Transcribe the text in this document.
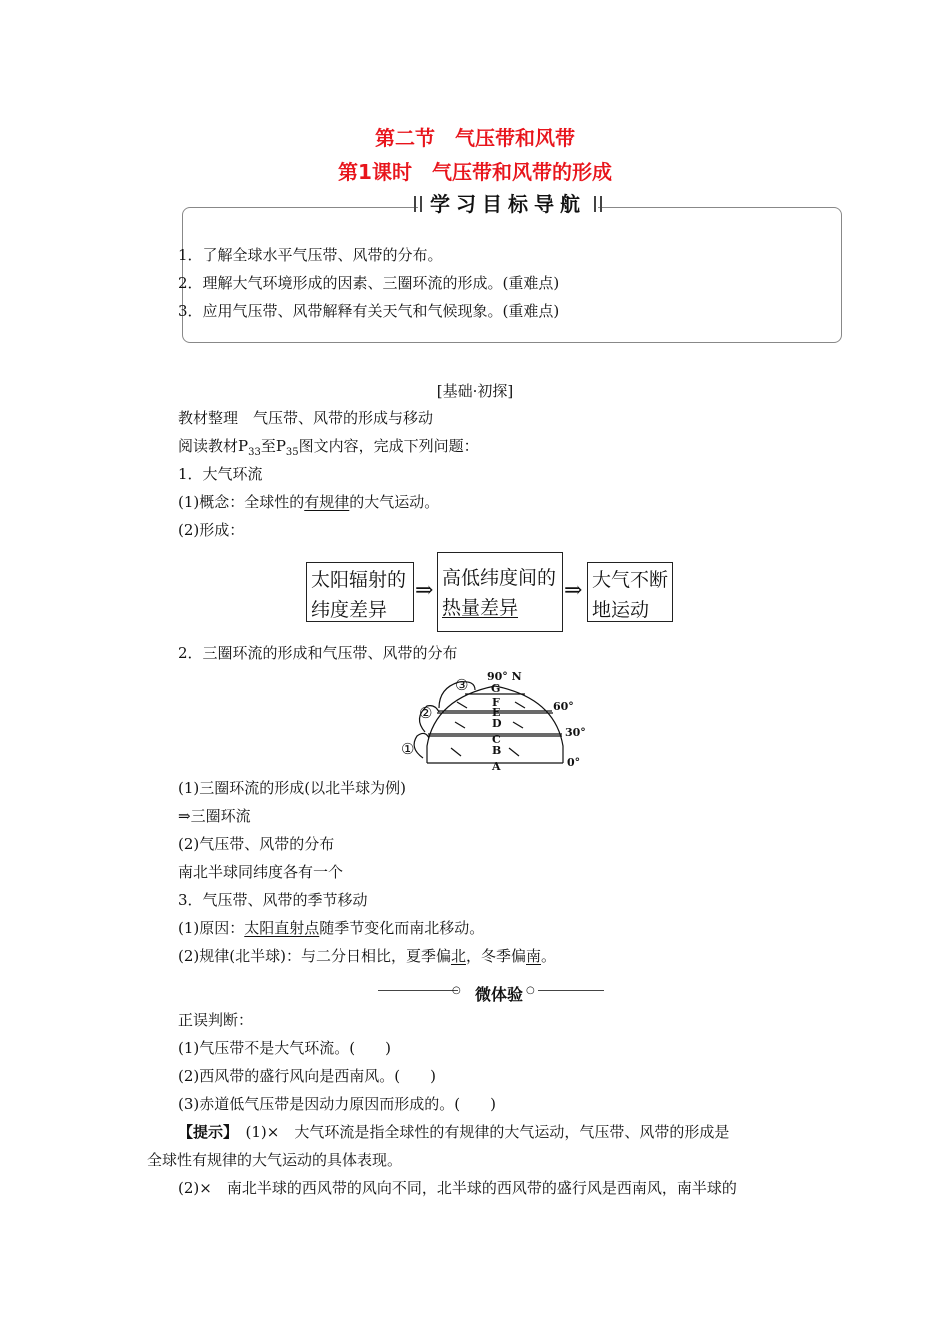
第二节　气压带和风带
第1课时　气压带和风带的形成
学习目标导航
1．了解全球水平气压带、风带的分布。
2．理解大气环境形成的因素、三圈环流的形成。(重难点)
3．应用气压带、风带解释有关天气和气候现象。(重难点)
[基础·初探]
教材整理　气压带、风带的形成与移动
阅读教材$P_{33}$至$P_{35}$图文内容，完成下列问题：
1．大气环流
(1)概念：全球性的有规律的大气运动。
(2)形成：
太阳辐射的
纬度差异
⇒ 高低纬度间的
热量差异
⇒ 大气不断
地运动
2．三圈环流的形成和气压带、风带的分布
A
B
C
D
E
F
G
0°
30°
60°
90° N
①
②
③
(1)三圈环流的形成(以北半球为例)
⇒三圈环流
(2)气压带、风带的分布
南北半球同纬度各有一个
3．气压带、风带的季节移动
(1)原因：太阳直射点随季节变化而南北移动。
(2)规律(北半球)：与二分日相比，夏季偏北，冬季偏南。
○ 微体验 ○
正误判断：
(1)气压带不是大气环流。(　　)
(2)西风带的盛行风向是西南风。(　　)
(3)赤道低气压带是因动力原因而形成的。(　　)
【提示】　(1)×　大气环流是指全球性的有规律的大气运动，气压带、风带的形成是
全球性有规律的大气运动的具体表现。
(2)×　南北半球的西风带的风向不同，北半球的西风带的盛行风是西南风，南半球的
